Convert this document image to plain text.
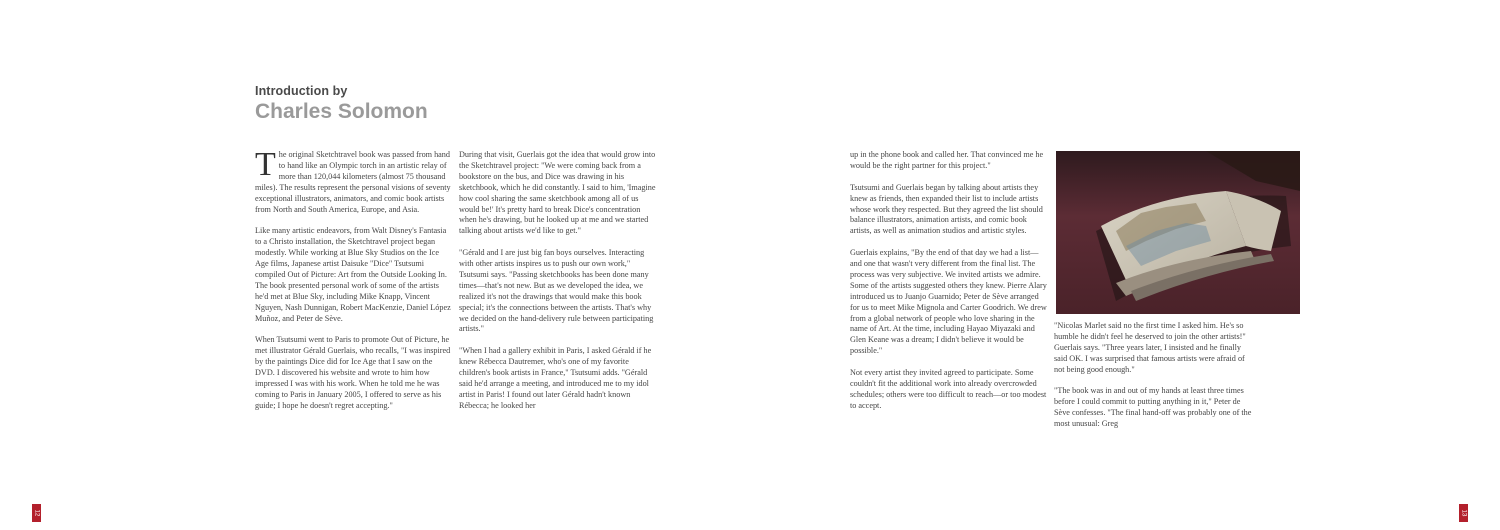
Introduction by
Charles Solomon

The original Sketchtravel book was passed from hand to hand like an Olympic torch in an artistic relay of more than 120,044 kilometers (almost 75 thousand miles). The results represent the personal visions of seventy exceptional illustrators, animators, and comic book artists from North and South America, Europe, and Asia.

Like many artistic endeavors, from Walt Disney's Fantasia to a Christo installation, the Sketchtravel project began modestly. While working at Blue Sky Studios on the Ice Age films, Japanese artist Daisuke "Dice" Tsutsumi compiled Out of Picture: Art from the Outside Looking In. The book presented personal work of some of the artists he'd met at Blue Sky, including Mike Knapp, Vincent Nguyen, Nash Dunnigan, Robert MacKenzie, Daniel López Muñoz, and Peter de Sève.

When Tsutsumi went to Paris to promote Out of Picture, he met illustrator Gérald Guerlais, who recalls, "I was inspired by the paintings Dice did for Ice Age that I saw on the DVD. I discovered his website and wrote to him how impressed I was with his work. When he told me he was coming to Paris in January 2005, I offered to serve as his guide; I hope he doesn't regret accepting."

During that visit, Guerlais got the idea that would grow into the Sketchtravel project: "We were coming back from a bookstore on the bus, and Dice was drawing in his sketchbook, which he did constantly. I said to him, 'Imagine how cool sharing the same sketchbook among all of us would be!' It's pretty hard to break Dice's concentration when he's drawing, but he looked up at me and we started talking about artists we'd like to get."

"Gérald and I are just big fan boys ourselves. Interacting with other artists inspires us to push our own work," Tsutsumi says. "Passing sketchbooks has been done many times—that's not new. But as we developed the idea, we realized it's not the drawings that would make this book special; it's the connections between the artists. That's why we decided on the hand-delivery rule between participating artists."

"When I had a gallery exhibit in Paris, I asked Gérald if he knew Rébecca Dautremer, who's one of my favorite children's book artists in France," Tsutsumi adds. "Gérald said he'd arrange a meeting, and introduced me to my idol artist in Paris! I found out later Gérald hadn't known Rébecca; he looked her

up in the phone book and called her. That convinced me he would be the right partner for this project."

Tsutsumi and Guerlais began by talking about artists they knew as friends, then expanded their list to include artists whose work they respected. But they agreed the list should balance illustrators, animation artists, and comic book artists, as well as animation studios and artistic styles.

Guerlais explains, "By the end of that day we had a list—and one that wasn't very different from the final list. The process was very subjective. We invited artists we admire. Some of the artists suggested others they knew. Pierre Alary introduced us to Juanjo Guarnido; Peter de Sève arranged for us to meet Mike Mignola and Carter Goodrich. We drew from a global network of people who love sharing in the name of Art. At the time, including Hayao Miyazaki and Glen Keane was a dream; I didn't believe it would be possible."

Not every artist they invited agreed to participate. Some couldn't fit the additional work into already overcrowded schedules; others were too difficult to reach—or too modest to accept.

"Nicolas Marlet said no the first time I asked him. He's so humble he didn't feel he deserved to join the other artists!" Guerlais says. "Three years later, I insisted and he finally said OK. I was surprised that famous artists were afraid of not being good enough."

"The book was in and out of my hands at least three times before I could commit to putting anything in it," Peter de Sève confesses. "The final hand-off was probably one of the most unusual: Greg

12	13
